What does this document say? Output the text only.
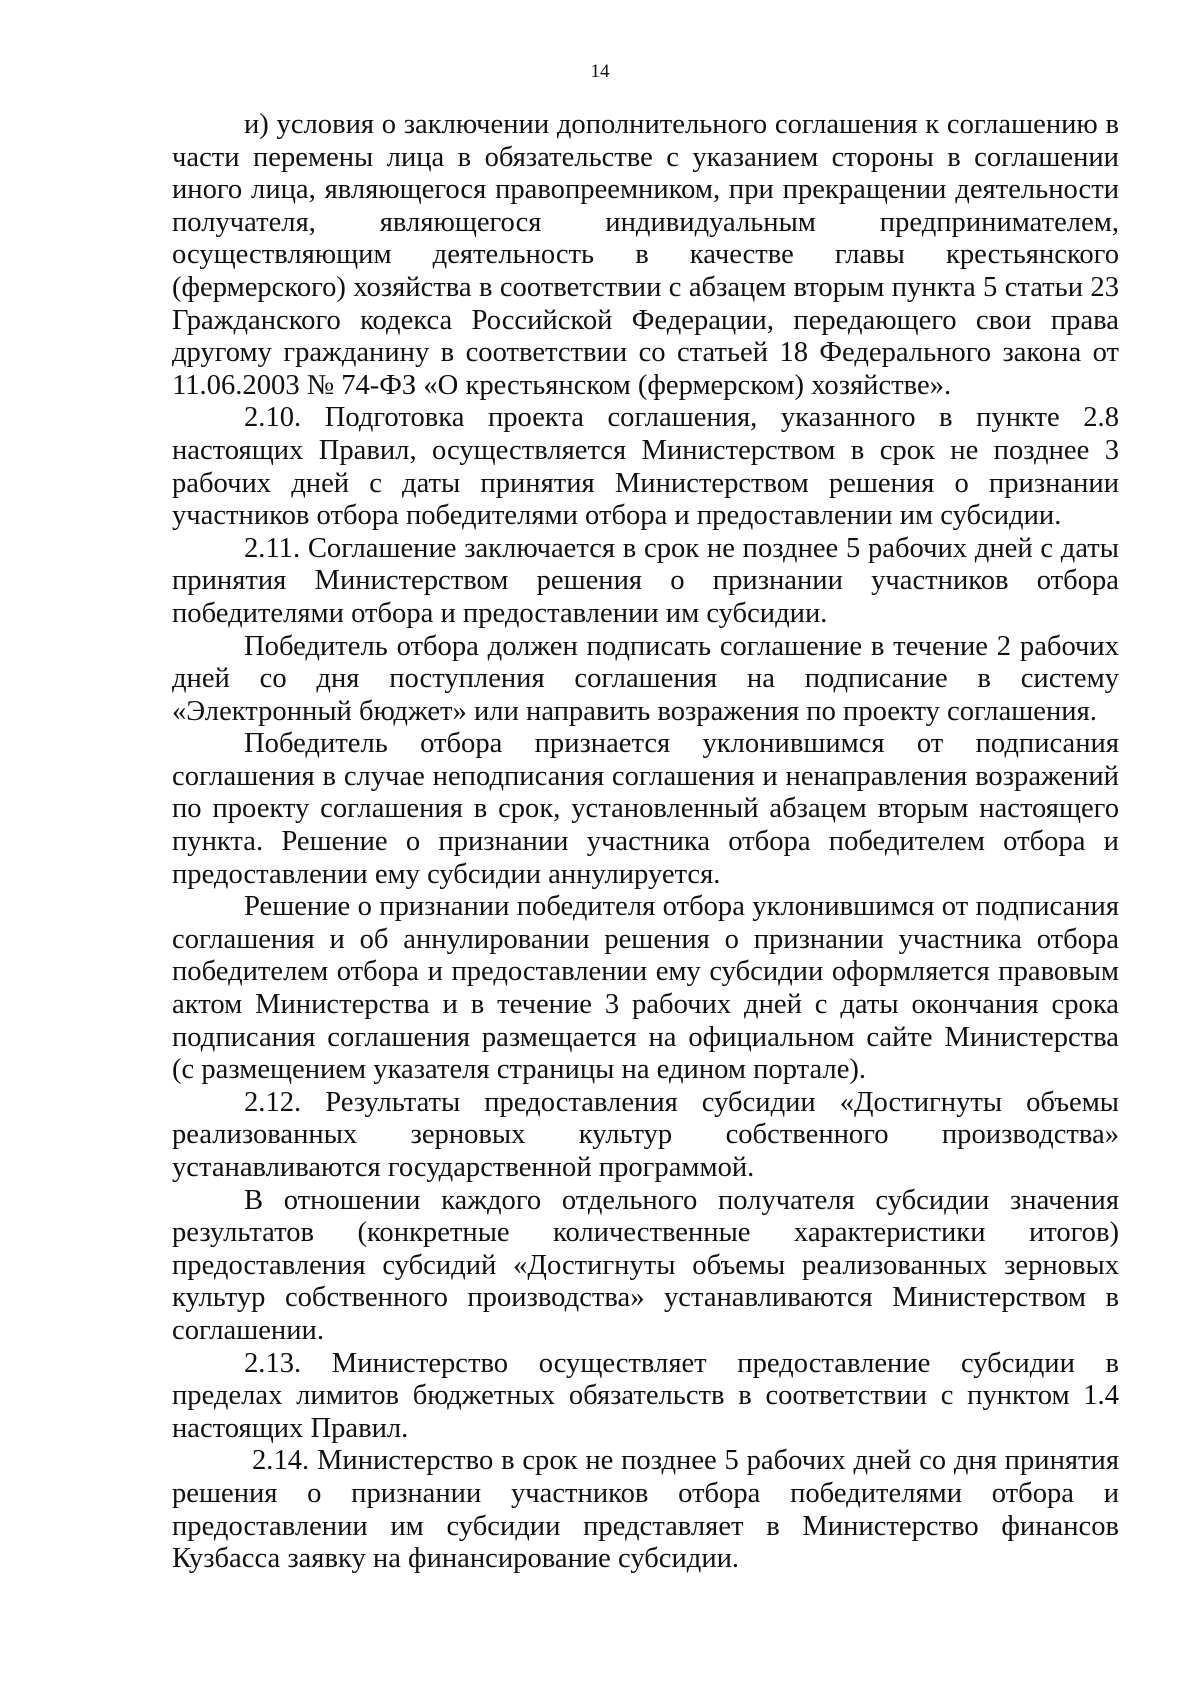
14

и) условия о заключении дополнительного соглашения к соглашению в части перемены лица в обязательстве с указанием стороны в соглашении иного лица, являющегося правопреемником, при прекращении деятельности получателя, являющегося индивидуальным предпринимателем, осуществляющим деятельность в качестве главы крестьянского (фермерского) хозяйства в соответствии с абзацем вторым пункта 5 статьи 23 Гражданского кодекса Российской Федерации, передающего свои права другому гражданину в соответствии со статьей 18 Федерального закона от 11.06.2003 № 74-ФЗ «О крестьянском (фермерском) хозяйстве».

2.10. Подготовка проекта соглашения, указанного в пункте 2.8 настоящих Правил, осуществляется Министерством в срок не позднее 3 рабочих дней с даты принятия Министерством решения о признании участников отбора победителями отбора и предоставлении им субсидии.

2.11. Соглашение заключается в срок не позднее 5 рабочих дней с даты принятия Министерством решения о признании участников отбора победителями отбора и предоставлении им субсидии.

Победитель отбора должен подписать соглашение в течение 2 рабочих дней со дня поступления соглашения на подписание в систему «Электронный бюджет» или направить возражения по проекту соглашения.

Победитель отбора признается уклонившимся от подписания соглашения в случае неподписания соглашения и ненаправления возражений по проекту соглашения в срок, установленный абзацем вторым настоящего пункта. Решение о признании участника отбора победителем отбора и предоставлении ему субсидии аннулируется.

Решение о признании победителя отбора уклонившимся от подписания соглашения и об аннулировании решения о признании участника отбора победителем отбора и предоставлении ему субсидии оформляется правовым актом Министерства и в течение 3 рабочих дней с даты окончания срока подписания соглашения размещается на официальном сайте Министерства (с размещением указателя страницы на едином портале).

2.12. Результаты предоставления субсидии «Достигнуты объемы реализованных зерновых культур собственного производства» устанавливаются государственной программой.

В отношении каждого отдельного получателя субсидии значения результатов (конкретные количественные характеристики итогов) предоставления субсидий «Достигнуты объемы реализованных зерновых культур собственного производства» устанавливаются Министерством в соглашении.

2.13. Министерство осуществляет предоставление субсидии в пределах лимитов бюджетных обязательств в соответствии с пунктом 1.4 настоящих Правил.

2.14. Министерство в срок не позднее 5 рабочих дней со дня принятия решения о признании участников отбора победителями отбора и предоставлении им субсидии представляет в Министерство финансов Кузбасса заявку на финансирование субсидии.
